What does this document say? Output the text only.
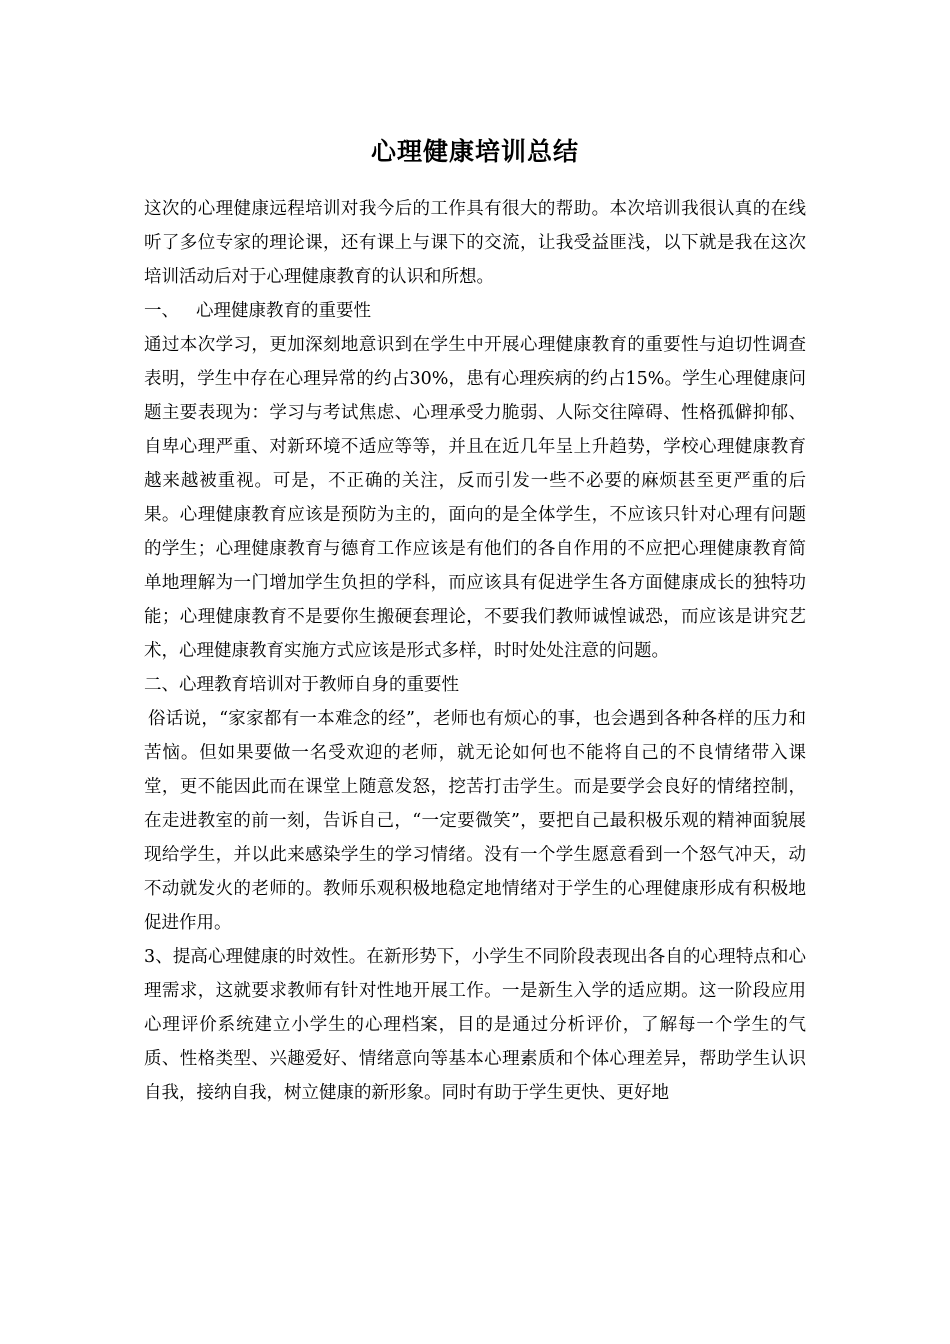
心理健康培训总结

这次的心理健康远程培训对我今后的工作具有很大的帮助。本次培训我很认真的在线听了多位专家的理论课，还有课上与课下的交流，让我受益匪浅，以下就是我在这次培训活动后对于心理健康教育的认识和所想。

一、 心理健康教育的重要性

通过本次学习，更加深刻地意识到在学生中开展心理健康教育的重要性与迫切性调查表明，学生中存在心理异常的约占30%，患有心理疾病的约占15%。学生心理健康问题主要表现为：学习与考试焦虑、心理承受力脆弱、人际交往障碍、性格孤僻抑郁、自卑心理严重、对新环境不适应等等，并且在近几年呈上升趋势，学校心理健康教育越来越被重视。可是，不正确的关注，反而引发一些不必要的麻烦甚至更严重的后果。心理健康教育应该是预防为主的，面向的是全体学生，不应该只针对心理有问题的学生；心理健康教育与德育工作应该是有他们的各自作用的不应把心理健康教育简单地理解为一门增加学生负担的学科，而应该具有促进学生各方面健康成长的独特功能；心理健康教育不是要你生搬硬套理论，不要我们教师诚惶诚恐，而应该是讲究艺术，心理健康教育实施方式应该是形式多样，时时处处注意的问题。

二、心理教育培训对于教师自身的重要性

俗话说，“家家都有一本难念的经”，老师也有烦心的事，也会遇到各种各样的压力和苦恼。但如果要做一名受欢迎的老师，就无论如何也不能将自己的不良情绪带入课堂，更不能因此而在课堂上随意发怒，挖苦打击学生。而是要学会良好的情绪控制，在走进教室的前一刻，告诉自己，“一定要微笑”，要把自己最积极乐观的精神面貌展现给学生，并以此来感染学生的学习情绪。没有一个学生愿意看到一个怒气冲天，动不动就发火的老师的。教师乐观积极地稳定地情绪对于学生的心理健康形成有积极地促进作用。

3、提高心理健康的时效性。在新形势下，小学生不同阶段表现出各自的心理特点和心理需求，这就要求教师有针对性地开展工作。一是新生入学的适应期。这一阶段应用心理评价系统建立小学生的心理档案，目的是通过分析评价，了解每一个学生的气质、性格类型、兴趣爱好、情绪意向等基本心理素质和个体心理差异，帮助学生认识自我，接纳自我，树立健康的新形象。同时有助于学生更快、更好地
